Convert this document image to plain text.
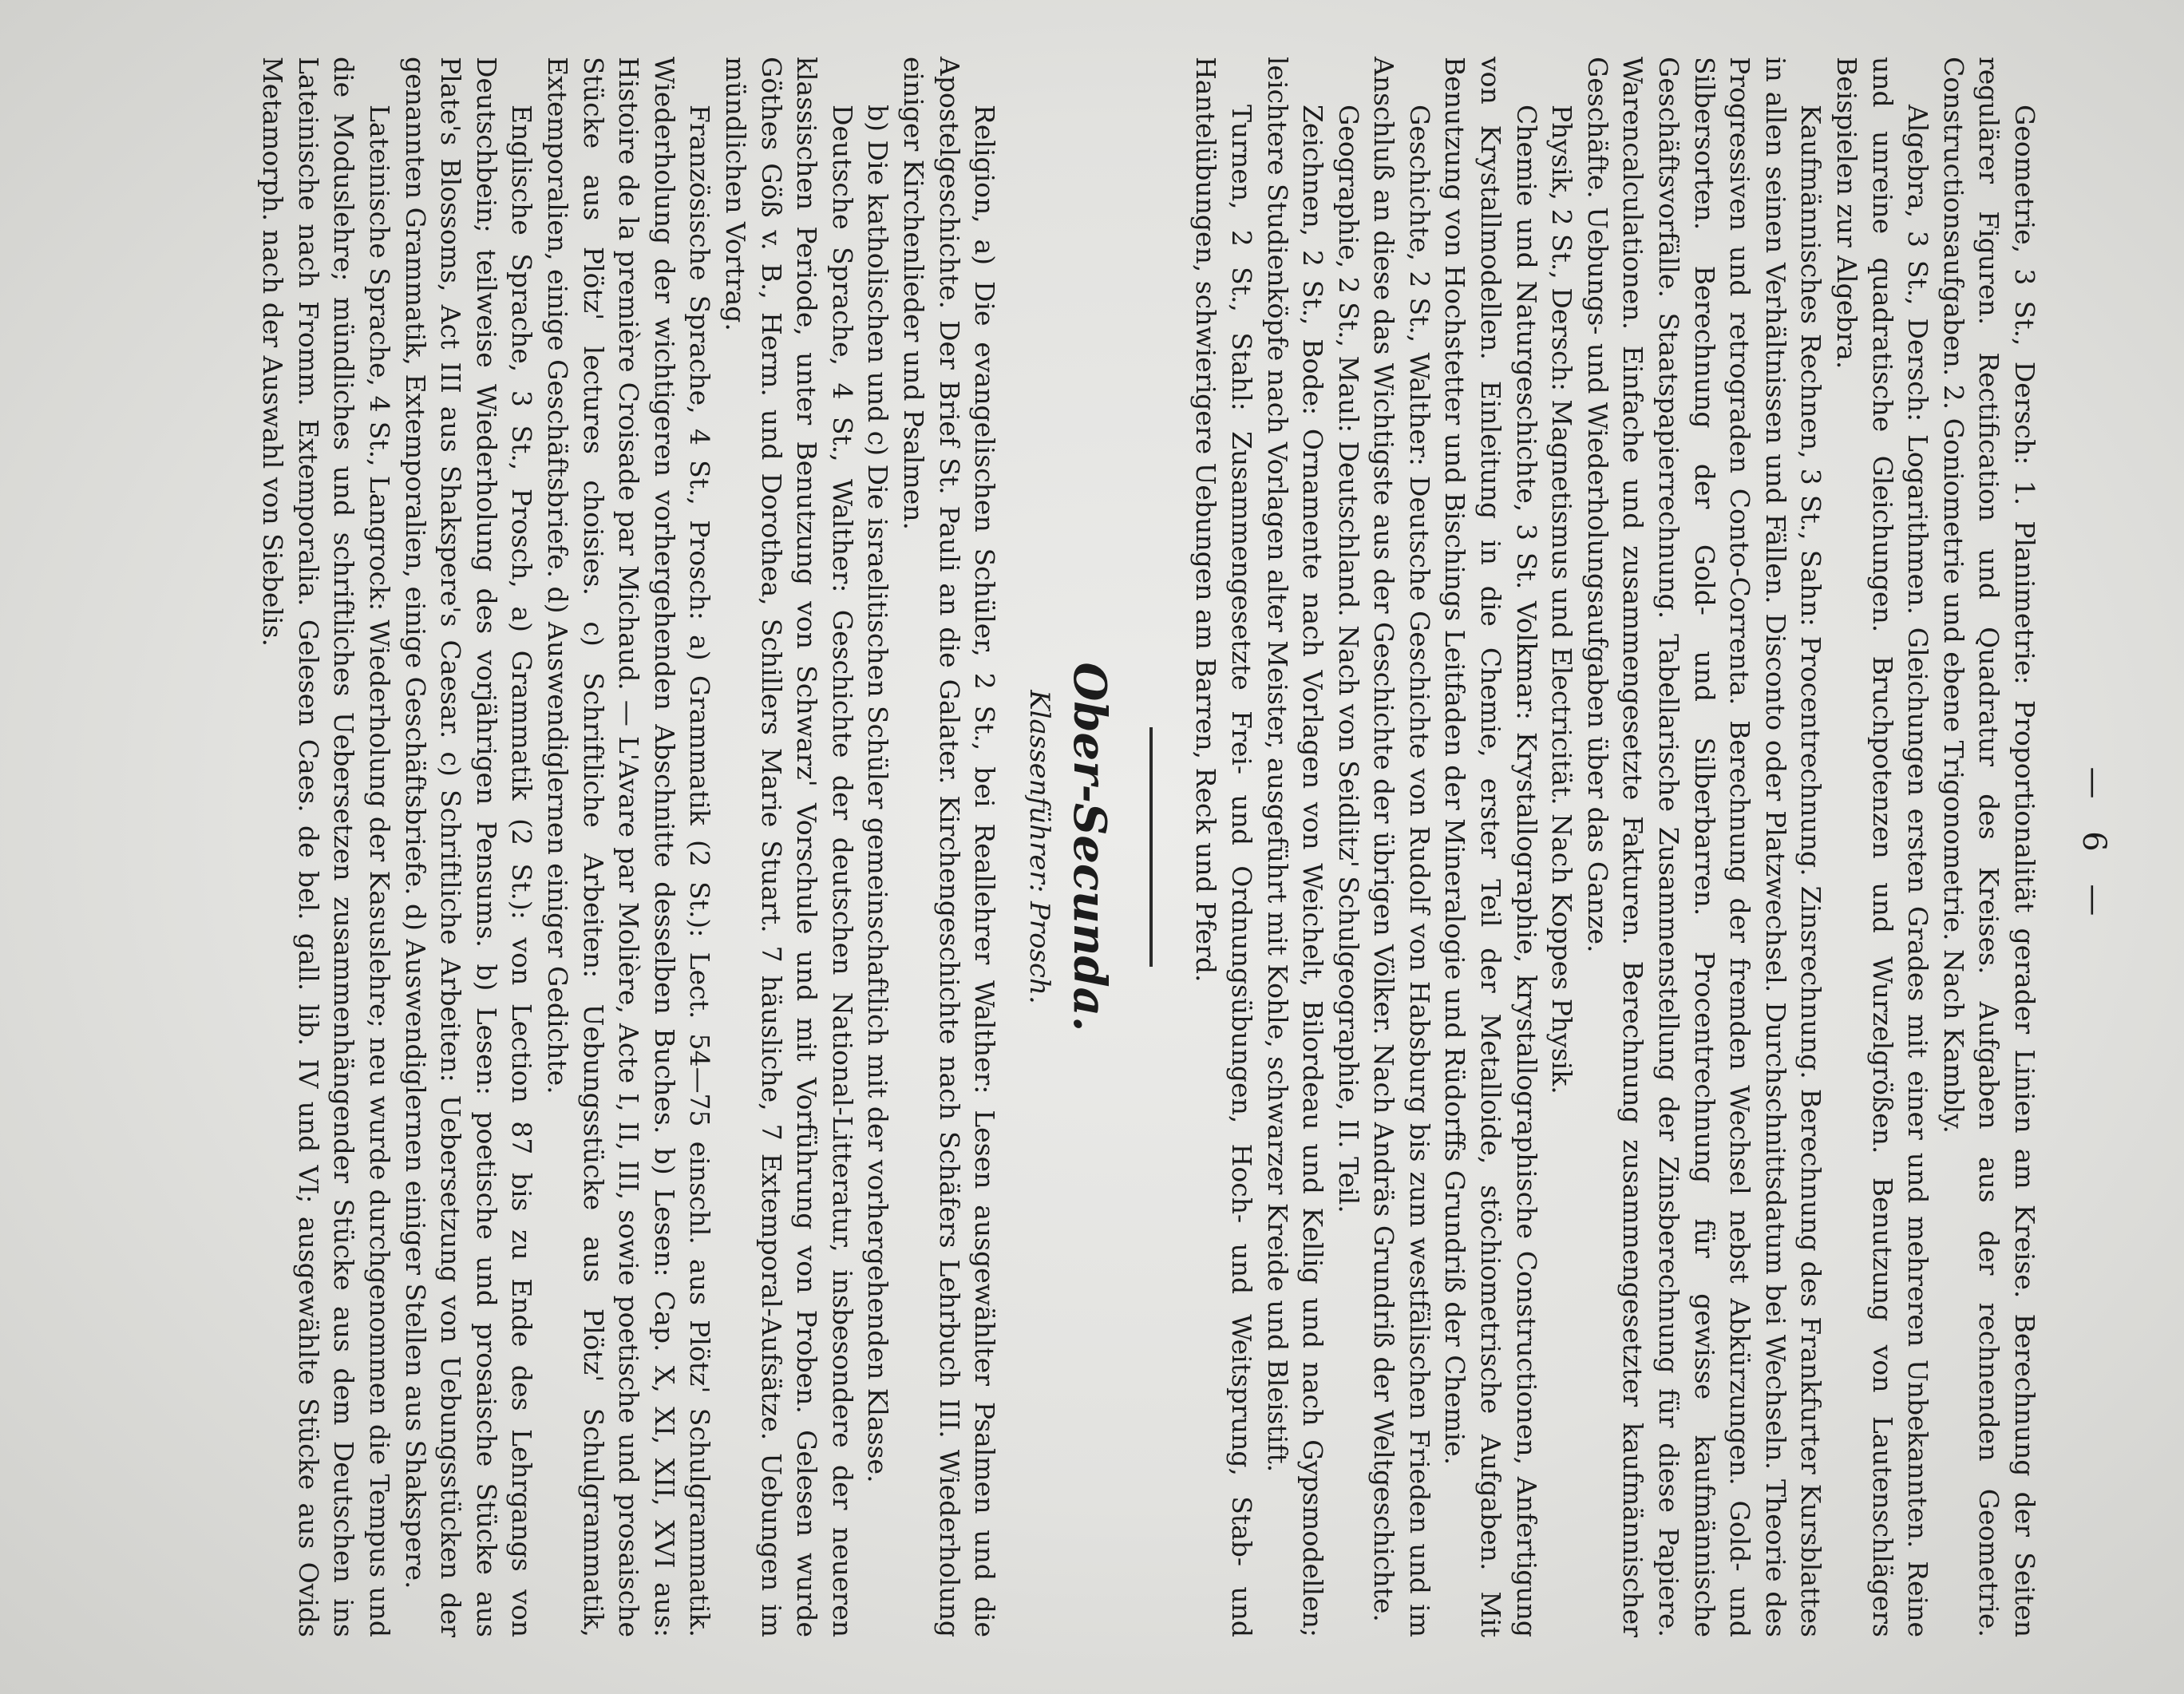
— 6 —

Geometrie, 3 St., Dersch: 1. Planimetrie: Proportionalität gerader Linien am Kreise. Berechnung der Seiten regulärer Figuren. Rectification und Quadratur des Kreises. Aufgaben aus der rechnenden Geometrie. Constructionsaufgaben. 2. Goniometrie und ebene Trigonometrie. Nach Kambly.

Algebra, 3 St., Dersch: Logarithmen. Gleichungen ersten Grades mit einer und mehreren Unbekannten. Reine und unreine quadratische Gleichungen. Bruchpotenzen und Wurzelgrößen. Benutzung von Lautenschlägers Beispielen zur Algebra.

Kaufmännisches Rechnen, 3 St., Sahn: Procentrechnung. Zinsrechnung. Berechnung des Frankfurter Kursblattes in allen seinen Verhältnissen und Fällen. Disconto oder Platzwechsel. Durchschnittsdatum bei Wechseln. Theorie des Progressiven und retrograden Conto-Correnta. Berechnung der fremden Wechsel nebst Abkürzungen. Gold- und Silbersorten. Berechnung der Gold- und Silberbarren. Procentrechnung für gewisse kaufmännische Geschäftsvorfälle. Staatspapierrechnung. Tabellarische Zusammenstellung der Zinsberechnung für diese Papiere. Warencalculationen. Einfache und zusammengesetzte Fakturen. Berechnung zusammengesetzter kaufmännischer Geschäfte. Uebungs- und Wiederholungsaufgaben über das Ganze.

Physik, 2 St., Dersch: Magnetismus und Electricität. Nach Koppes Physik.

Chemie und Naturgeschichte, 3 St. Volkmar: Krystallographie, krystallographische Constructionen, Anfertigung von Krystallmodellen. Einleitung in die Chemie, erster Teil der Metalloide, stöchiometrische Aufgaben. Mit Benutzung von Hochstetter und Bischings Leitfaden der Mineralogie und Rüdorffs Grundriß der Chemie.

Geschichte, 2 St., Walther: Deutsche Geschichte von Rudolf von Habsburg bis zum westfälischen Frieden und im Anschluß an diese das Wichtigste aus der Geschichte der übrigen Völker. Nach Andräs Grundriß der Weltgeschichte.

Geographie, 2 St., Maul: Deutschland. Nach von Seidlitz' Schulgeographie, II. Teil.

Zeichnen, 2 St., Bode: Ornamente nach Vorlagen von Weichelt, Bilordeau und Kellig und nach Gypsmodellen; leichtere Studienköpfe nach Vorlagen alter Meister, ausgeführt mit Kohle, schwarzer Kreide und Bleistift.

Turnen, 2 St., Stahl: Zusammengesetzte Frei- und Ordnungsübungen, Hoch- und Weitsprung, Stab- und Hantelübungen, schwierigere Uebungen am Barren, Reck und Pferd.

Ober-Secunda.
Klassenführer: Prosch.

Religion, a) Die evangelischen Schüler, 2 St., bei Reallehrer Walther: Lesen ausgewählter Psalmen und die Apostelgeschichte. Der Brief St. Pauli an die Galater. Kirchengeschichte nach Schäfers Lehrbuch III. Wiederholung einiger Kirchenlieder und Psalmen.

b) Die katholischen und c) Die israelitischen Schüler gemeinschaftlich mit der vorhergehenden Klasse.

Deutsche Sprache, 4 St., Walther: Geschichte der deutschen National-Litteratur, insbesondere der neueren klassischen Periode, unter Benutzung von Schwarz' Vorschule und mit Vorführung von Proben. Gelesen wurde Göthes Göß v. B., Herm. und Dorothea, Schillers Marie Stuart. 7 häusliche, 7 Extemporal-Aufsätze. Uebungen im mündlichen Vortrag.

Französische Sprache, 4 St., Prosch: a) Grammatik (2 St.): Lect. 54—75 einschl. aus Plötz' Schulgrammatik. Wiederholung der wichtigeren vorhergehenden Abschnitte desselben Buches. b) Lesen: Cap. X, XI, XII, XVI aus: Histoire de la première Croisade par Michaud. — L'Avare par Molière, Acte I, II, III, sowie poetische und prosaische Stücke aus Plötz' lectures choisies. c) Schriftliche Arbeiten: Uebungsstücke aus Plötz' Schulgrammatik, Extemporalien, einige Geschäftsbriefe. d) Auswendiglernen einiger Gedichte.

Englische Sprache, 3 St., Prosch, a) Grammatik (2 St.): von Lection 87 bis zu Ende des Lehrgangs von Deutschbein; teilweise Wiederholung des vorjährigen Pensums. b) Lesen: poetische und prosaische Stücke aus Plate's Blossoms, Act III aus Shakspere's Caesar. c) Schriftliche Arbeiten: Uebersetzung von Uebungsstücken der genannten Grammatik, Extemporalien, einige Geschäftsbriefe. d) Auswendiglernen einiger Stellen aus Shakspere.

Lateinische Sprache, 4 St., Langrock: Wiederholung der Kasuslehre; neu wurde durchgenommen die Tempus und die Moduslehre; mündliches und schriftliches Uebersetzen zusammenhängender Stücke aus dem Deutschen ins Lateinische nach Fromm. Extemporalia. Gelesen Caes. de bel. gall. lib. IV und VI; ausgewählte Stücke aus Ovids Metamorph. nach der Auswahl von Siebelis.
